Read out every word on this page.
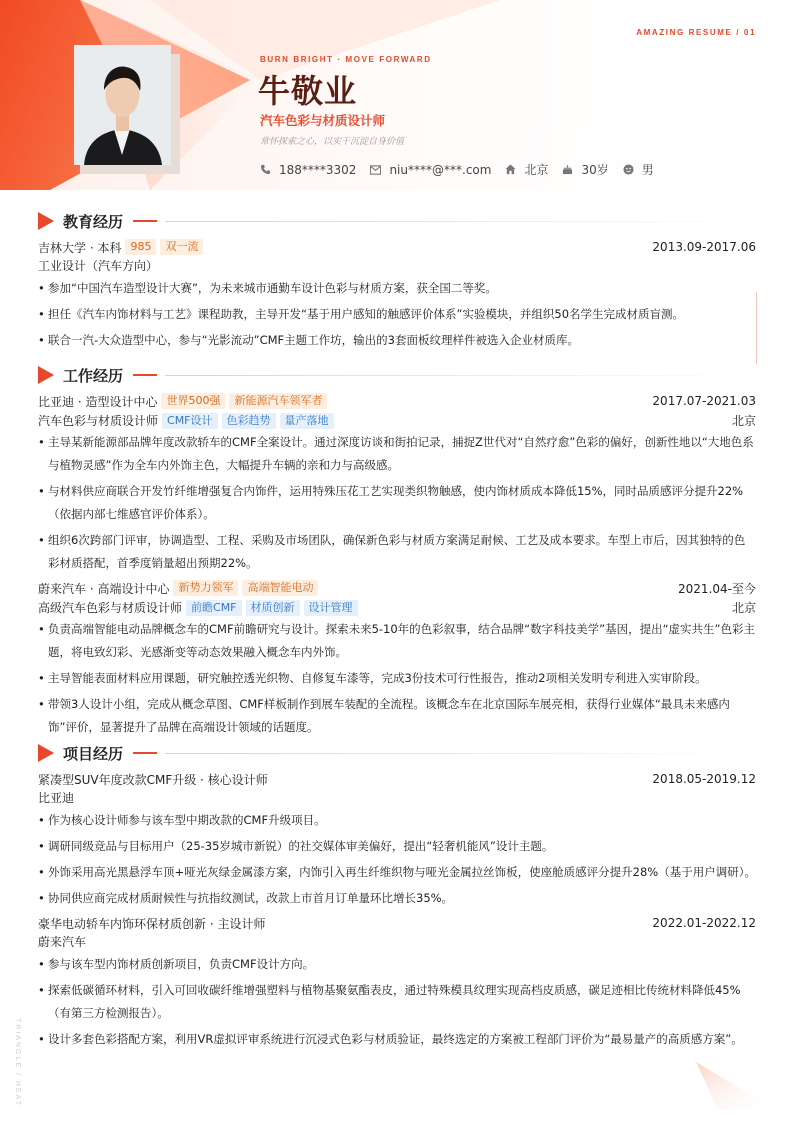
AMAZING RESUME / 01
BURN BRIGHT · MOVE FORWARD
牛敬业
汽车色彩与材质设计师
常怀探索之心，以实干沉淀自身价值
188****3302	niu****@***.com	北京	30岁	男
教育经历
吉林大学 · 本科 985	双一流	2013.09-2017.06
工业设计（汽车方向）
• 参加“中国汽车造型设计大赛”，为未来城市通勤车设计色彩与材质方案，获全国二等奖。
• 担任《汽车内饰材料与工艺》课程助教，主导开发“基于用户感知的触感评价体系”实验模块，并组织50名学生完成材质盲测。
• 联合一汽-大众造型中心，参与“光影流动”CMF主题工作坊，输出的3套面板纹理样件被选入企业材质库。
工作经历
比亚迪 · 造型设计中心 世界500强	新能源汽车领军者	2017.07-2021.03
汽车色彩与材质设计师 CMF设计	色彩趋势	量产落地	北京
• 主导某新能源部品牌年度改款轿车的CMF全案设计。通过深度访谈和街拍记录，捕捉Z世代对“自然疗愈”色彩的偏好，创新性地以“大地色系与植物灵感”作为全车内外饰主色，大幅提升车辆的亲和力与高级感。
• 与材料供应商联合开发竹纤维增强复合内饰件，运用特殊压花工艺实现类织物触感，使内饰材质成本降低15%，同时品质感评分提升22%（依据内部七维感官评价体系）。
• 组织6次跨部门评审，协调造型、工程、采购及市场团队，确保新色彩与材质方案满足耐候、工艺及成本要求。车型上市后，因其独特的色彩材质搭配，首季度销量超出预期22%。
蔚来汽车 · 高端设计中心 新势力领军	高端智能电动	2021.04-至今
高级汽车色彩与材质设计师 前瞻CMF	材质创新	设计管理	北京
• 负责高端智能电动品牌概念车的CMF前瞻研究与设计。探索未来5-10年的色彩叙事，结合品牌“数字科技美学”基因，提出“虚实共生”色彩主题，将电致幻彩、光感渐变等动态效果融入概念车内外饰。
• 主导智能表面材料应用课题，研究触控透光织物、自修复车漆等，完成3份技术可行性报告，推动2项相关发明专利进入实审阶段。
• 带领3人设计小组，完成从概念草图、CMF样板制作到展车装配的全流程。该概念车在北京国际车展亮相，获得行业媒体“最具未来感内饰”评价，显著提升了品牌在高端设计领域的话题度。
项目经历
紧凑型SUV年度改款CMF升级 · 核心设计师	2018.05-2019.12
比亚迪
• 作为核心设计师参与该车型中期改款的CMF升级项目。
• 调研同级竞品与目标用户（25-35岁城市新锐）的社交媒体审美偏好，提出“轻奢机能风”设计主题。
• 外饰采用高光黑悬浮车顶+哑光灰绿金属漆方案，内饰引入再生纤维织物与哑光金属拉丝饰板，使座舱质感评分提升28%（基于用户调研）。
• 协同供应商完成材质耐候性与抗指纹测试，改款上市首月订单量环比增长35%。
豪华电动轿车内饰环保材质创新 · 主设计师	2022.01-2022.12
蔚来汽车
• 参与该车型内饰材质创新项目，负责CMF设计方向。
• 探索低碳循环材料，引入可回收碳纤维增强塑料与植物基聚氨酯表皮，通过特殊模具纹理实现高档皮质感，碳足迹相比传统材料降低45%（有第三方检测报告）。
• 设计多套色彩搭配方案，利用VR虚拟评审系统进行沉浸式色彩与材质验证，最终选定的方案被工程部门评价为“最易量产的高质感方案”。
TRIANGLE / HEAT
